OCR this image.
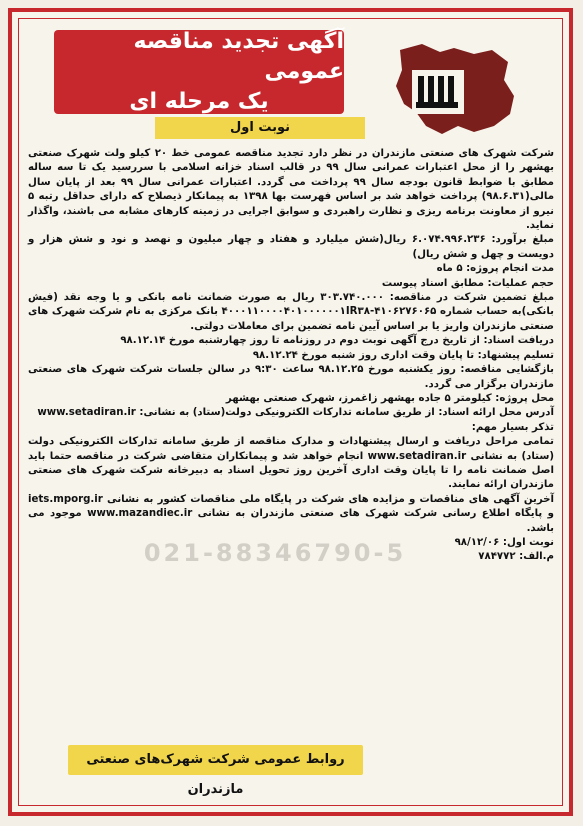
آگهی تجدید مناقصه عمومی
یک مرحله ای
نوبت اول

شرکت شهرک های صنعتی مازندران در نظر دارد تجدید مناقصه عمومی خط ۲۰ کیلو ولت شهرک صنعتی بهشهر را از محل اعتبارات عمرانی سال ۹۹ در قالب اسناد خزانه اسلامی با سررسید یک تا سه ساله مطابق با ضوابط قانون بودجه سال ۹۹ پرداخت می گردد. اعتبارات عمرانی سال ۹۹ بعد از پایان سال مالی(۹۸.۶.۳۱) پرداخت خواهد شد بر اساس فهرست بها ۱۳۹۸ به پیمانکار ذیصلاح که دارای حداقل رتبه ۵ نیرو از معاونت برنامه ریزی و نظارت راهبردی و سوابق اجرایی در زمینه کارهای مشابه می باشند، واگذار نماید.

مبلغ برآورد: ۶.۰۷۴.۹۹۶.۲۳۶ ریال(شش میلیارد و هفتاد و چهار میلیون و نهصد و نود و شش هزار و دویست و چهل و شش ریال)

مدت انجام پروژه: ۵ ماه

حجم عملیات: مطابق اسناد پیوست

مبلغ تضمین شرکت در مناقصه: ۳۰۳.۷۴۰.۰۰۰ ریال به صورت ضمانت نامه بانکی و یا وجه نقد (فیش بانکی)به حساب شماره ۴۱۰۶۲۷۶۰۶۵-۴۰۰۰۱۱۰۰۰۰۴۰۱۰۰۰۰۰۰۱IR۳۸ بانک مرکزی به نام شرکت شهرک های صنعتی مازندران واریز یا بر اساس آیین نامه تضمین برای معاملات دولتی.

دریافت اسناد: از تاریخ درج آگهی نوبت دوم در روزنامه تا روز چهارشنبه مورخ ۹۸.۱۲.۱۴

تسلیم پیشنهاد: تا پایان وقت اداری روز شنبه مورخ ۹۸.۱۲.۲۴

بازگشایی مناقصه: روز یکشنبه مورخ ۹۸.۱۲.۲۵ ساعت ۹:۳۰ در سالن جلسات شرکت شهرک های صنعتی مازندران برگزار می گردد.

محل پروژه: کیلومتر ۵ جاده بهشهر زاغمرز، شهرک صنعتی بهشهر

آدرس محل ارائه اسناد: از طریق سامانه تدارکات الکترونیکی دولت(ستاد) به نشانی: www.setadiran.ir

تذکر بسیار مهم:

تمامی مراحل دریافت و ارسال پیشنهادات و مدارک مناقصه از طریق سامانه تدارکات الکترونیکی دولت (ستاد) به نشانی www.setadiran.ir انجام خواهد شد و پیمانکاران متقاضی شرکت در مناقصه حتما باید اصل ضمانت نامه را تا پایان وقت اداری آخرین روز تحویل اسناد به دبیرخانه شرکت شهرک های صنعتی مازندران ارائه نمایند.

آخرین آگهی های مناقصات و مزایده های شرکت در پایگاه ملی مناقصات کشور به نشانی iets.mporg.ir و پایگاه اطلاع رسانی شرکت شهرک های صنعتی مازندران به نشانی www.mazandiec.ir موجود می باشد.

نوبت اول: ۹۸/۱۲/۰۶

م.الف: ۷۸۴۷۷۲

021-88346790-5
روابط عمومی شرکت شهرک‌های صنعتی مازندران
